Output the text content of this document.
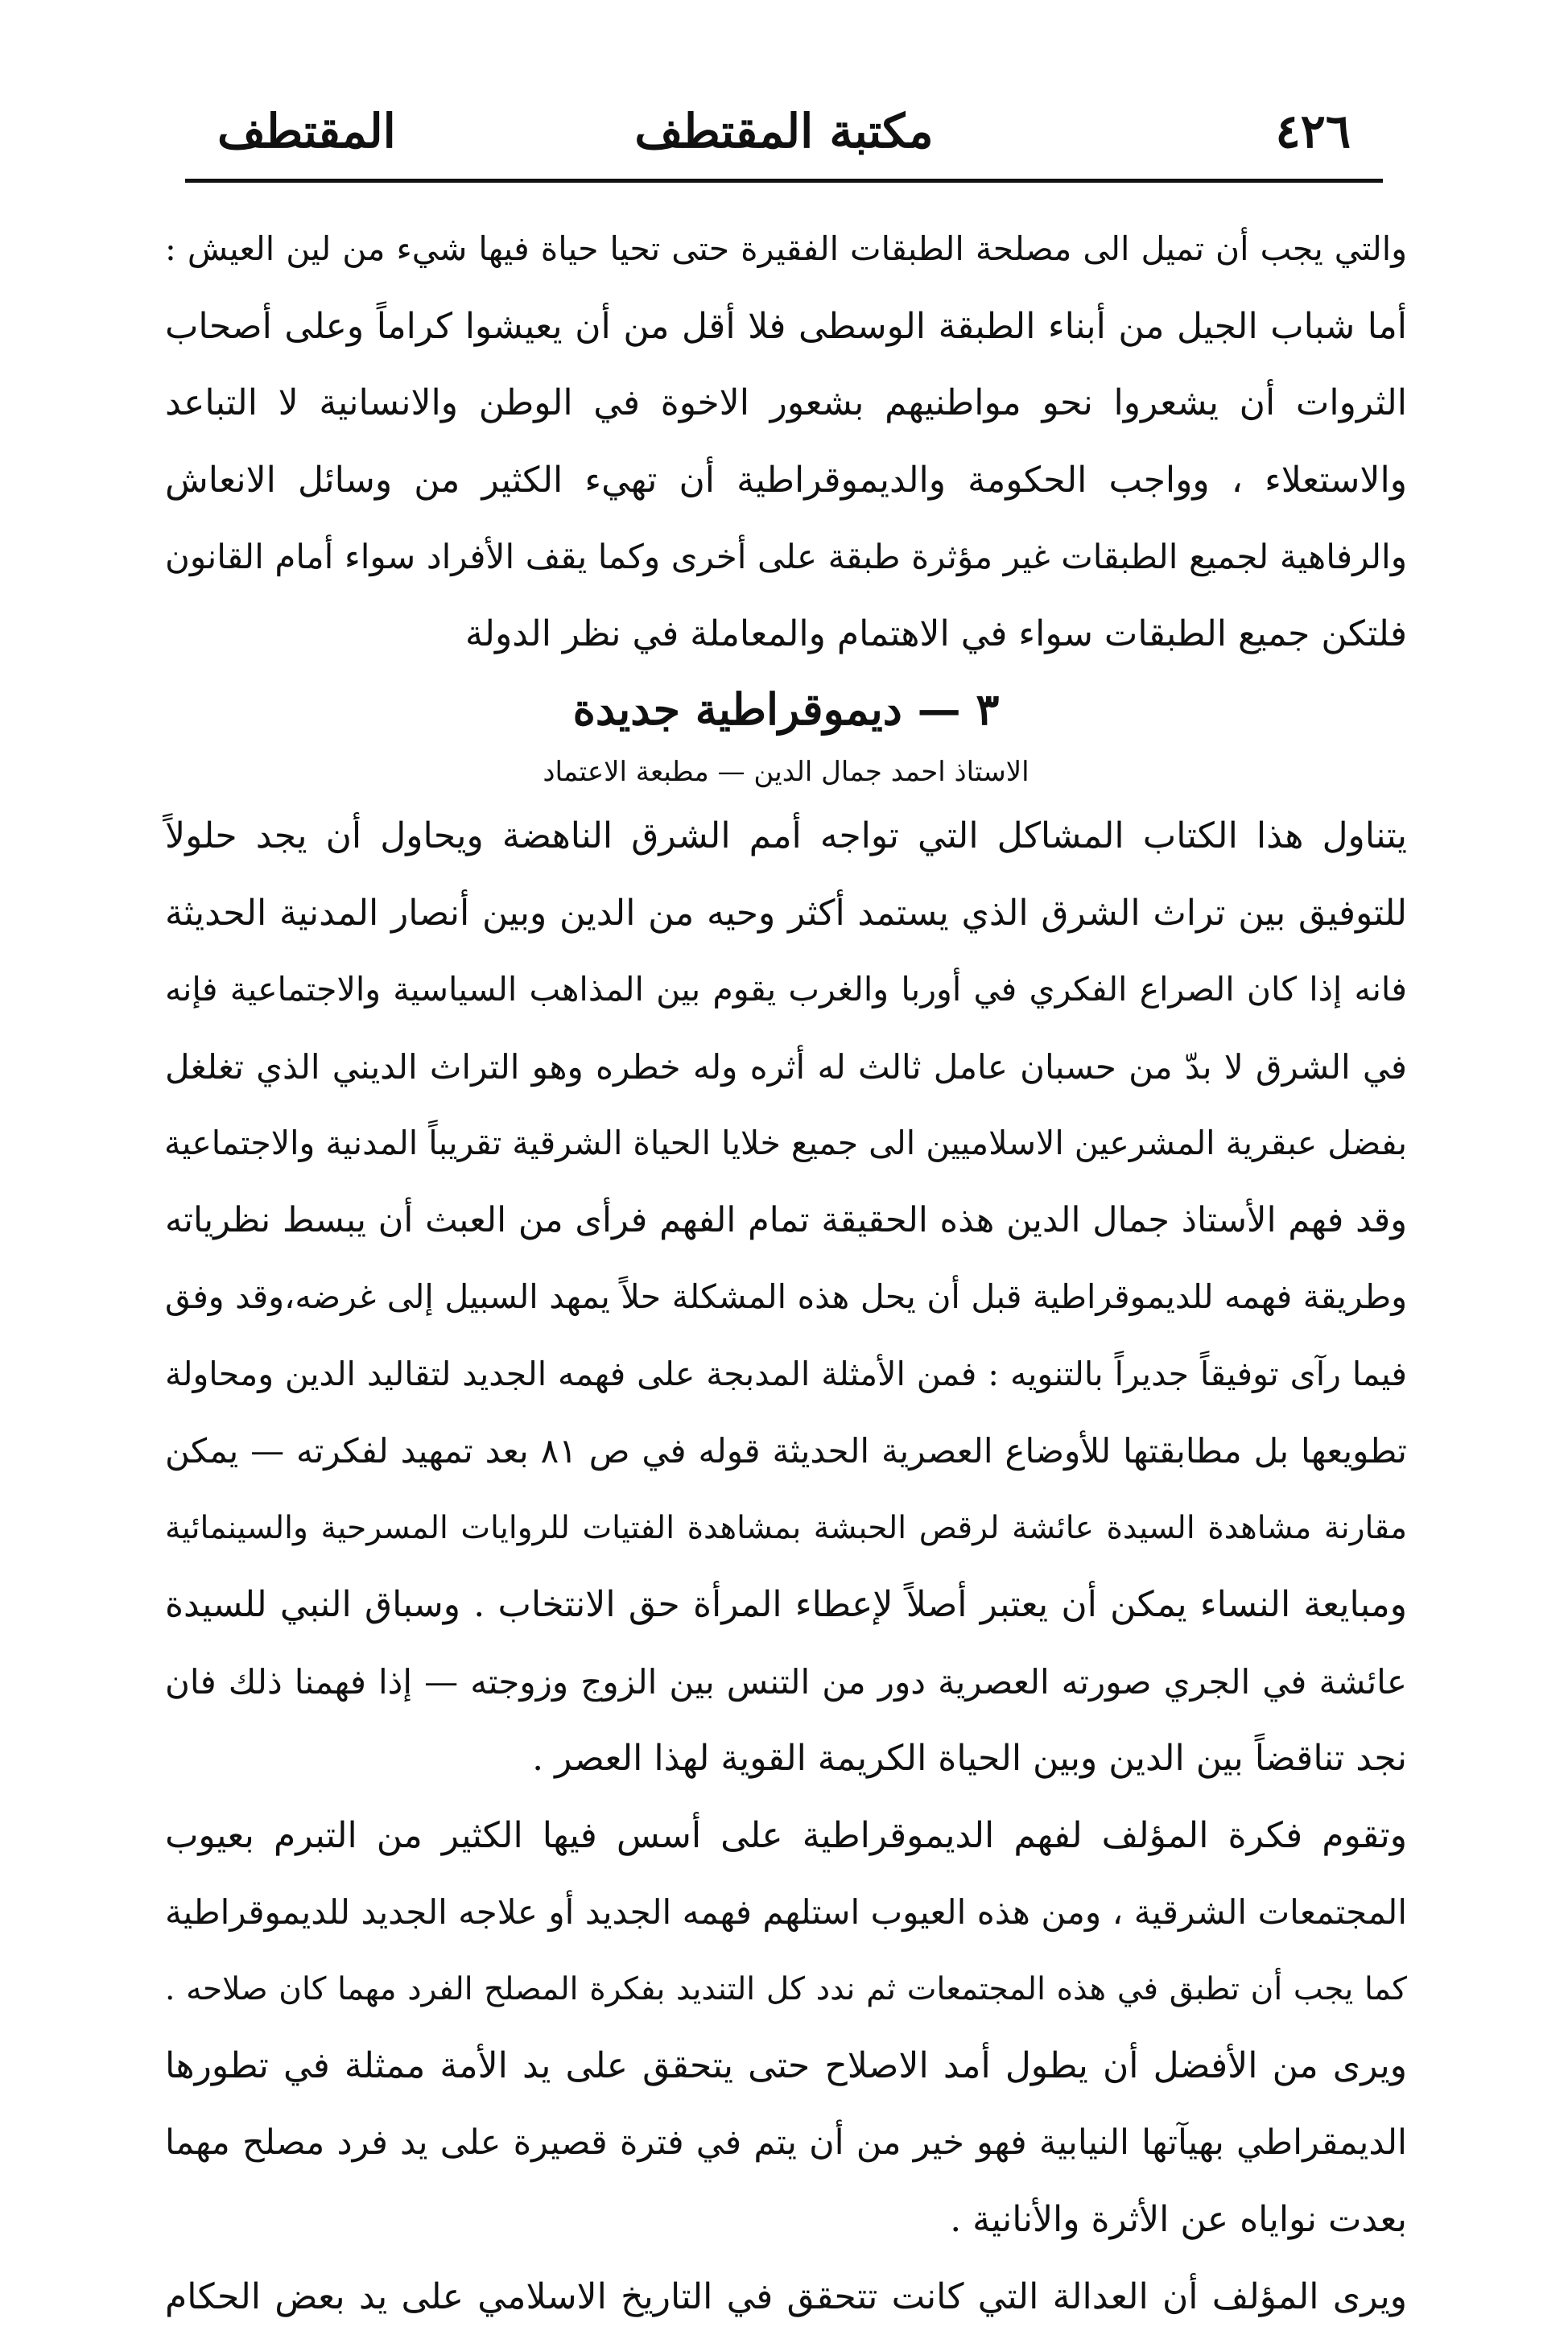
٤٢٦
مكتبة المقتطف
المقتطف
والتي يجب أن تميل الى مصلحة الطبقات الفقيرة حتى تحيا حياة فيها شيء من لين العيش :
أما شباب الجيل من أبناء الطبقة الوسطى فلا أقل من أن يعيشوا كراماً وعلى أصحاب
الثروات أن يشعروا نحو مواطنيهم بشعور الاخوة في الوطن والانسانية لا التباعد
والاستعلاء ، وواجب الحكومة والديموقراطية أن تهيء الكثير من وسائل الانعاش
والرفاهية لجميع الطبقات غير مؤثرة طبقة على أخرى وكما يقف الأفراد سواء أمام القانون
فلتكن جميع الطبقات سواء في الاهتمام والمعاملة في نظر الدولة
٣ — ديموقراطية جديدة
الاستاذ احمد جمال الدين — مطبعة الاعتماد
يتناول هذا الكتاب المشاكل التي تواجه أمم الشرق الناهضة ويحاول أن يجد حلولاً
للتوفيق بين تراث الشرق الذي يستمد أكثر وحيه من الدين وبين أنصار المدنية الحديثة
فانه إذا كان الصراع الفكري في أوربا والغرب يقوم بين المذاهب السياسية والاجتماعية فإنه
في الشرق لا بدّ من حسبان عامل ثالث له أثره وله خطره وهو التراث الديني الذي تغلغل
بفضل عبقرية المشرعين الاسلاميين الى جميع خلايا الحياة الشرقية تقريباً المدنية والاجتماعية
وقد فهم الأستاذ جمال الدين هذه الحقيقة تمام الفهم فرأى من العبث أن يبسط نظرياته
وطريقة فهمه للديموقراطية قبل أن يحل هذه المشكلة حلاً يمهد السبيل إلى غرضه،وقد وفق
فيما رآى توفيقاً جديراً بالتنويه : فمن الأمثلة المدبجة على فهمه الجديد لتقاليد الدين ومحاولة
تطويعها بل مطابقتها للأوضاع العصرية الحديثة قوله في ص ٨١ بعد تمهيد لفكرته — يمكن
مقارنة مشاهدة السيدة عائشة لرقص الحبشة بمشاهدة الفتيات للروايات المسرحية والسينمائية
ومبايعة النساء يمكن أن يعتبر أصلاً لإعطاء المرأة حق الانتخاب . وسباق النبي للسيدة
عائشة في الجري صورته العصرية دور من التنس بين الزوج وزوجته — إذا فهمنا ذلك فان
نجد تناقضاً بين الدين وبين الحياة الكريمة القوية لهذا العصر .
وتقوم فكرة المؤلف لفهم الديموقراطية على أسس فيها الكثير من التبرم بعيوب
المجتمعات الشرقية ، ومن هذه العيوب استلهم فهمه الجديد أو علاجه الجديد للديموقراطية
كما يجب أن تطبق في هذه المجتمعات ثم ندد كل التنديد بفكرة المصلح الفرد مهما كان صلاحه .
ويرى من الأفضل أن يطول أمد الاصلاح حتى يتحقق على يد الأمة ممثلة في تطورها
الديمقراطي بهيآتها النيابية فهو خير من أن يتم في فترة قصيرة على يد فرد مصلح مهما
بعدت نواياه عن الأثرة والأنانية .
ويرى المؤلف أن العدالة التي كانت تتحقق في التاريخ الاسلامي على يد بعض الحكام
